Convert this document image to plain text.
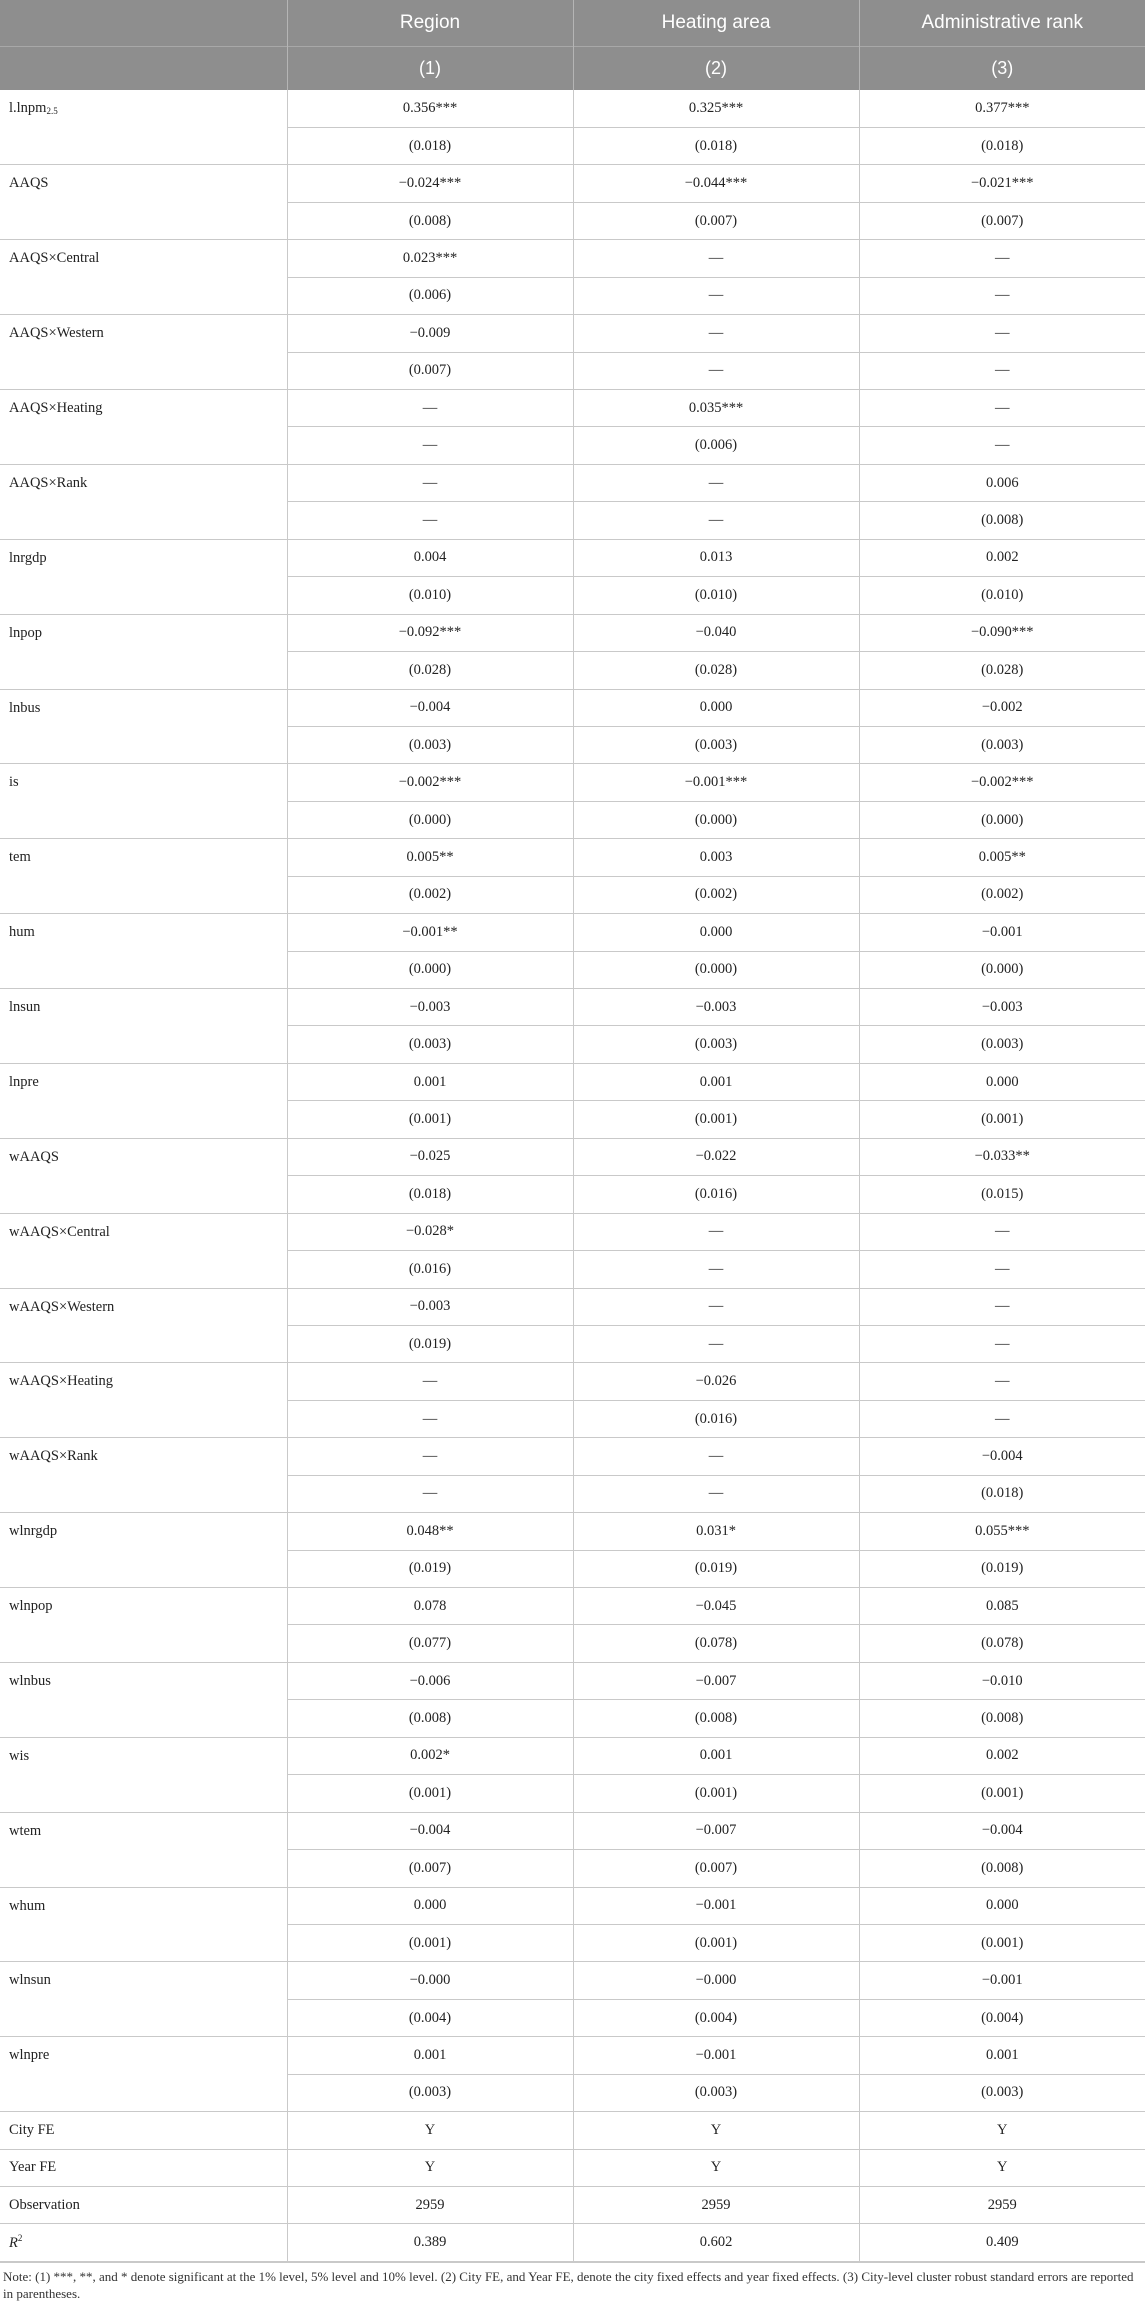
	Region	Heating area	Administrative rank
	(1)	(2)	(3)
l.lnpm$_{2.5}$	0.356***	0.325***	0.377***
	(0.018)	(0.018)	(0.018)
AAQS	−0.024***	−0.044***	−0.021***
	(0.008)	(0.007)	(0.007)
AAQS×Central	0.023***	—	—
	(0.006)	—	—
AAQS×Western	−0.009	—	—
	(0.007)	—	—
AAQS×Heating	—	0.035***	—
	—	(0.006)	—
AAQS×Rank	—	—	0.006
	—	—	(0.008)
lnrgdp	0.004	0.013	0.002
	(0.010)	(0.010)	(0.010)
lnpop	−0.092***	−0.040	−0.090***
	(0.028)	(0.028)	(0.028)
lnbus	−0.004	0.000	−0.002
	(0.003)	(0.003)	(0.003)
is	−0.002***	−0.001***	−0.002***
	(0.000)	(0.000)	(0.000)
tem	0.005**	0.003	0.005**
	(0.002)	(0.002)	(0.002)
hum	−0.001**	0.000	−0.001
	(0.000)	(0.000)	(0.000)
lnsun	−0.003	−0.003	−0.003
	(0.003)	(0.003)	(0.003)
lnpre	0.001	0.001	0.000
	(0.001)	(0.001)	(0.001)
wAAQS	−0.025	−0.022	−0.033**
	(0.018)	(0.016)	(0.015)
wAAQS×Central	−0.028*	—	—
	(0.016)	—	—
wAAQS×Western	−0.003	—	—
	(0.019)	—	—
wAAQS×Heating	—	−0.026	—
	—	(0.016)	—
wAAQS×Rank	—	—	−0.004
	—	—	(0.018)
wlnrgdp	0.048**	0.031*	0.055***
	(0.019)	(0.019)	(0.019)
wlnpop	0.078	−0.045	0.085
	(0.077)	(0.078)	(0.078)
wlnbus	−0.006	−0.007	−0.010
	(0.008)	(0.008)	(0.008)
wis	0.002*	0.001	0.002
	(0.001)	(0.001)	(0.001)
wtem	−0.004	−0.007	−0.004
	(0.007)	(0.007)	(0.008)
whum	0.000	−0.001	0.000
	(0.001)	(0.001)	(0.001)
wlnsun	−0.000	−0.000	−0.001
	(0.004)	(0.004)	(0.004)
wlnpre	0.001	−0.001	0.001
	(0.003)	(0.003)	(0.003)
City FE	Y	Y	Y
Year FE	Y	Y	Y
Observation	2959	2959	2959
$R^2$	0.389	0.602	0.409
Note: (1) ***, **, and * denote significant at the 1% level, 5% level and 10% level. (2) City FE, and Year FE, denote the city fixed effects and year fixed effects. (3) City-level cluster robust standard errors are reported in parentheses.
